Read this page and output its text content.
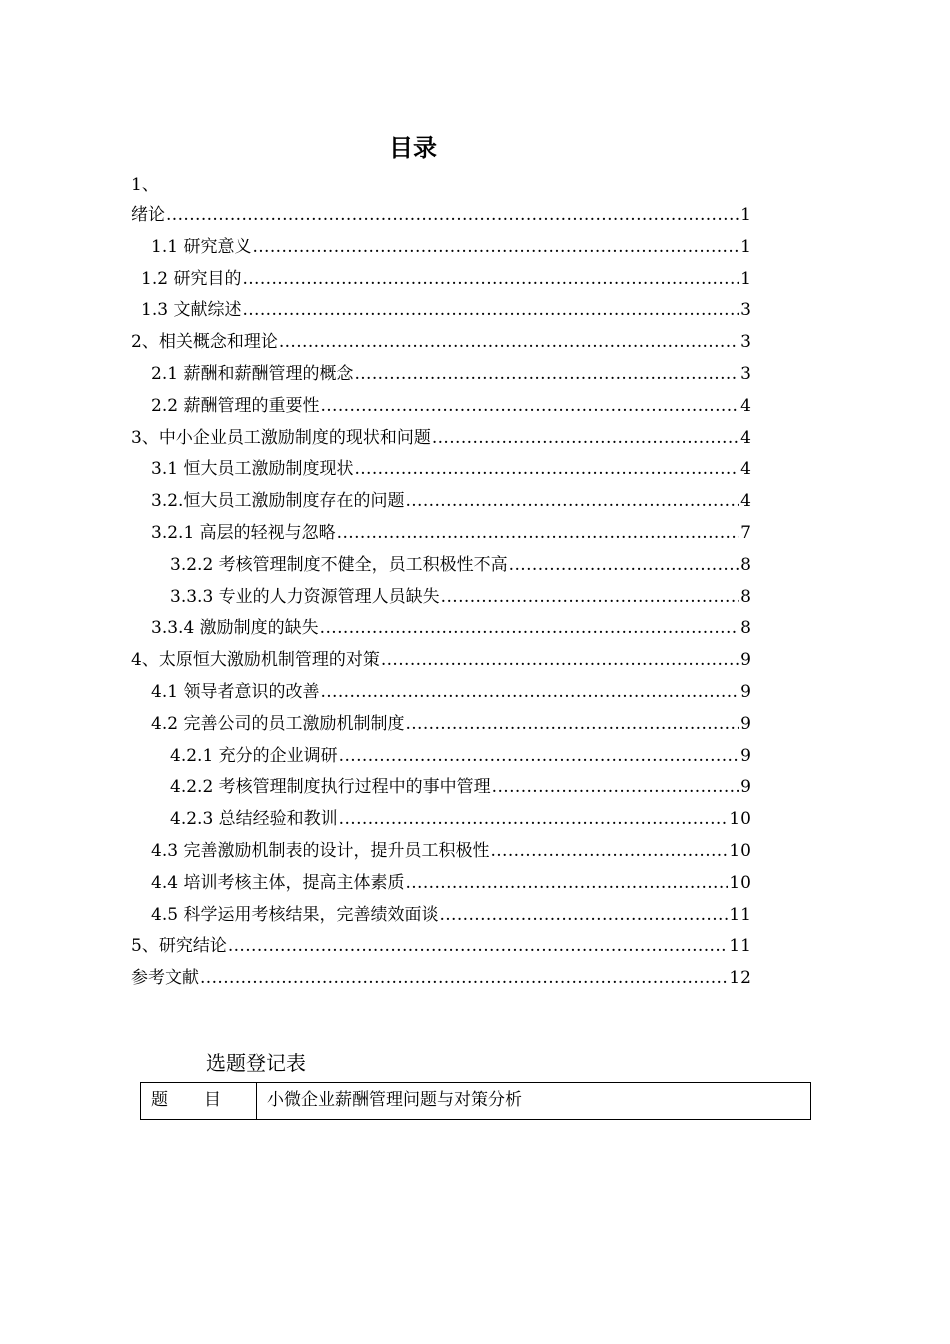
目录
1、
绪论 .....	1
1.1 研究意义 .....	1
1.2 研究目的 .....	1
1.3 文献综述 .....	3
2、相关概念和理论 .....	3
2.1 薪酬和薪酬管理的概念 .....	3
2.2 薪酬管理的重要性 .....	4
3、中小企业员工激励制度的现状和问题 .....	4
3.1 恒大员工激励制度现状 .....	4
3.2.恒大员工激励制度存在的问题 .....	4
3.2.1 高层的轻视与忽略 .....	7
3.2.2 考核管理制度不健全，员工积极性不高 .....	8
3.3.3 专业的人力资源管理人员缺失 .....	8
3.3.4 激励制度的缺失 .....	8
4、太原恒大激励机制管理的对策 .....	9
4.1 领导者意识的改善 .....	9
4.2 完善公司的员工激励机制制度 .....	9
4.2.1 充分的企业调研 .....	9
4.2.2 考核管理制度执行过程中的事中管理 .....	9
4.2.3 总结经验和教训 .....	10
4.3 完善激励机制表的设计，提升员工积极性 .....	10
4.4 培训考核主体，提高主体素质 .....	10
4.5 科学运用考核结果，完善绩效面谈 .....	11
5、研究结论 .....	11
参考文献 .....	12
选题登记表
题 目	小微企业薪酬管理问题与对策分析
